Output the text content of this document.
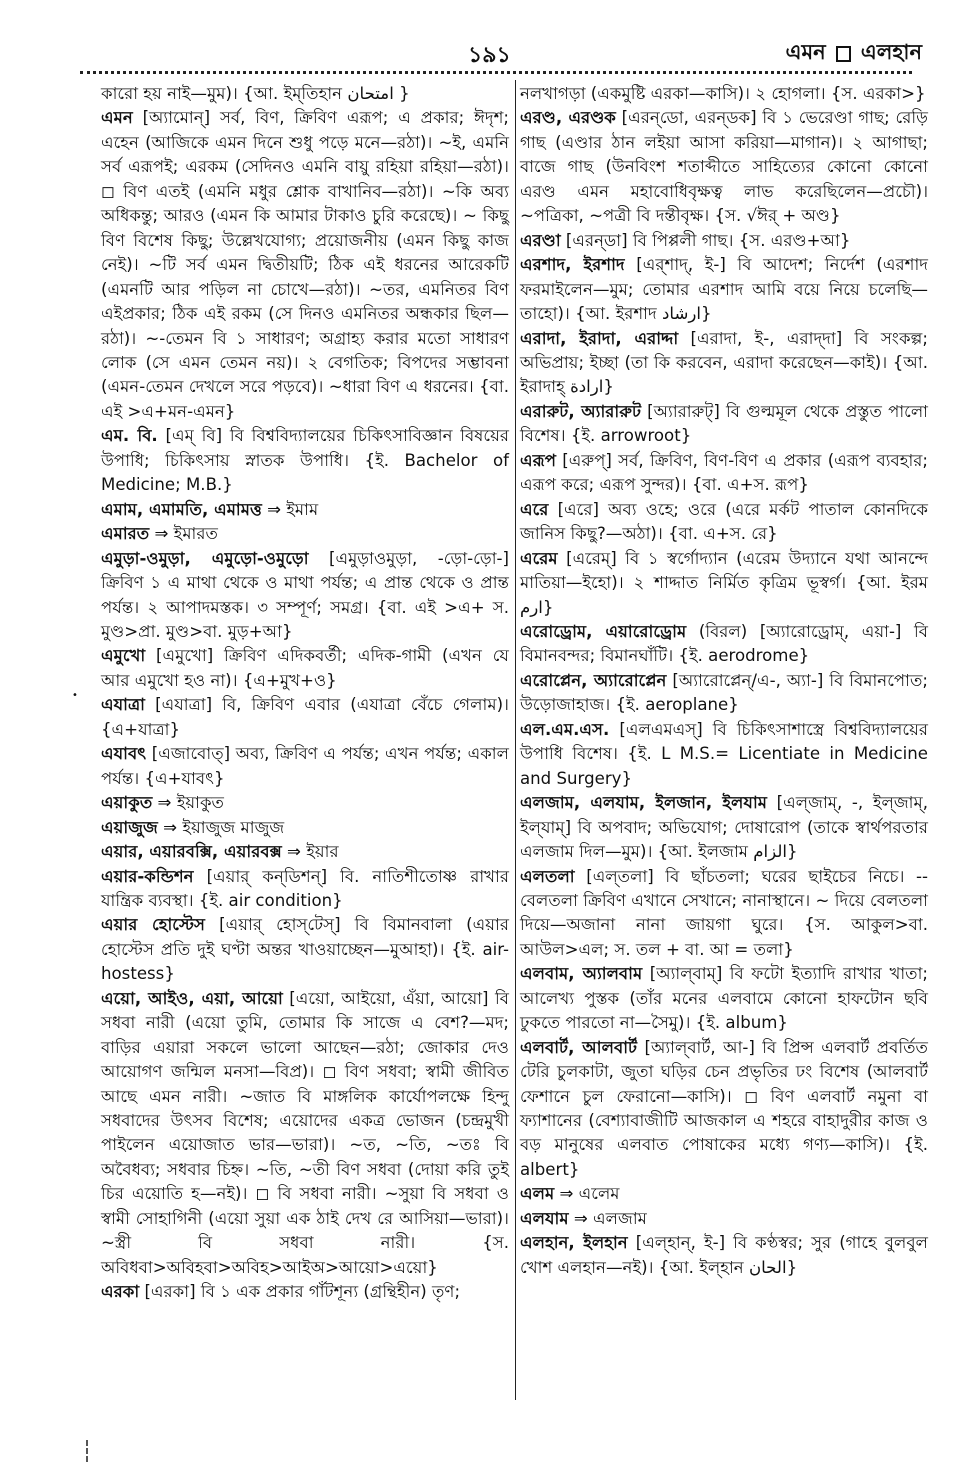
১৯১	এমন এলহান

কারো হয় নাই—মুম)। {আ. ইম্‌তিহান امتحان }

এমন [অ্যামোন্] সর্ব, বিণ, ক্রিবিণ এরূপ; এ প্রকার; ঈদৃশ; এহেন (আজিকে এমন দিনে শুধু পড়ে মনে—রঠা)। ~ই, এমনি সর্ব এরূপই; এরকম (সেদিনও এমনি বায়ু রহিয়া রহিয়া—রঠা)। ◻ বিণ এতই (এমনি মধুর শ্লোক বাখানিব—রঠা)। ~কি অব্য অধিকন্তু; আরও (এমন কি আমার টাকাও চুরি করেছে)। ~ কিছু বিণ বিশেষ কিছু; উল্লেখযোগ্য; প্রয়োজনীয় (এমন কিছু কাজ নেই)। ~টি সর্ব এমন দ্বিতীয়টি; ঠিক এই ধরনের আরেকটি (এমনটি আর পড়িল না চোখে—রঠা)। ~তর, এমনিতর বিণ এইপ্রকার; ঠিক এই রকম (সে দিনও এমনিতর অন্ধকার ছিল—রঠা)। ~-তেমন বি ১ সাধারণ; অগ্রাহ্য করার মতো সাধারণ লোক (সে এমন তেমন নয়)। ২ বেগতিক; বিপদের সম্ভাবনা (এমন-তেমন দেখলে সরে পড়বে)। ~ধারা বিণ এ ধরনের। {বা. এই >এ+মন-এমন}

এম. বি. [এম্ বি] বি বিশ্ববিদ্যালয়ের চিকিৎসাবিজ্ঞান বিষয়ের উপাধি; চিকিৎসায় স্নাতক উপাধি। {ই. Bachelor of Medicine; M.B.}

এমাম, এমামতি, এমামত্ত ⇒ ইমাম

এমারত ⇒ ইমারত

এমুড়া-ওমুড়া, এমুড়ো-ওমুড়ো [এমুড়াওমুড়া, -ড়ো-ড়ো-] ক্রিবিণ ১ এ মাথা থেকে ও মাথা পর্যন্ত; এ প্রান্ত থেকে ও প্রান্ত পর্যন্ত। ২ আপাদমস্তক। ৩ সম্পূর্ণ; সমগ্র। {বা. এই >এ+ স. মুণ্ড>প্রা. মুণ্ড>বা. মুড়+আ}

এমুখো [এমুখো] ক্রিবিণ এদিকবর্তী; এদিক-গামী (এখন যে আর এমুখো হও না)। {এ+মুখ+ও}

এযাত্রা [এযাত্রা] বি, ক্রিবিণ এবার (এযাত্রা বেঁচে গেলাম)। {এ+যাত্রা}

এযাবৎ [এজাবোত্] অব্য, ক্রিবিণ এ পর্যন্ত; এখন পর্যন্ত; একাল পর্যন্ত। {এ+যাবৎ}

এয়াকুত ⇒ ইয়াকুত

এয়াজুজ ⇒ ইয়াজুজ মাজুজ

এয়ার, এয়ারবক্সি, এয়ারবক্স ⇒ ইয়ার

এয়ার-কন্ডিশন [এয়ার্ কন্‌ডিশন্] বি. নাতিশীতোষ্ণ রাখার যান্ত্রিক ব্যবস্থা। {ই. air condition}

এয়ার হোস্টেস [এয়ার্ হোস্‌টেস্] বি বিমানবালা (এয়ার হোস্টেস প্রতি দুই ঘণ্টা অন্তর খাওয়াচ্ছেন—মুআহা)। {ই. air-hostess}

এয়ো, আইও, এয়া, আয়ো [এয়ো, আইয়ো, এঁয়া, আয়ো] বি সধবা নারী (এয়ো তুমি, তোমার কি সাজে এ বেশ?—মদ; বাড়ির এয়ারা সকলে ভালো আছেন—রঠা; জোকার দেও আয়োগণ জন্মিল মনসা—বিপ্র)। ◻ বিণ সধবা; স্বামী জীবিত আছে এমন নারী। ~জাত বি মাঙ্গলিক কার্যোপলক্ষে হিন্দু সধবাদের উৎসব বিশেষ; এয়োদের একত্র ভোজন (চন্দ্রমুখী পাইলেন এয়োজাত ভার—ভারা)। ~ত, ~তি, ~তঃ বি অবৈধব্য; সধবার চিহ্ন। ~তি, ~তী বিণ সধবা (দোয়া করি তুই চির এয়োতি হ—নই)। ◻ বি সধবা নারী। ~সুয়া বি সধবা ও স্বামী সোহাগিনী (এয়ো সুয়া এক ঠাই দেখ রে আসিয়া—ভারা)। ~স্ত্রী বি সধবা নারী। {স. অবিধবা>অবিহবা>অবিহ>আইঅ>আয়ো>এয়ো}

এরকা [এরকা] বি ১ এক প্রকার গাঁটশূন্য (গ্রন্থিহীন) তৃণ;

নলখাগড়া (একমুষ্টি এরকা—কাসি)। ২ হোগলা। {স. এরকা>}

এরণ্ড, এরণ্ডক [এরন্‌ডো, এরন্‌ডক] বি ১ ভেরেণ্ডা গাছ; রেড়ি গাছ (এণ্ডার ঠান লইয়া আসা করিয়া—মাগান)। ২ আগাছা; বাজে গাছ (উনবিংশ শতাব্দীতে সাহিত্যের কোনো কোনো এরণ্ড এমন মহাবোধিবৃক্ষত্ব লাভ করেছিলেন—প্রচৌ)। ~পত্রিকা, ~পত্রী বি দন্তীবৃক্ষ। {স. √ঈর্ + অণ্ড}

এরণ্ডা [এরন্‌ডা] বি পিপ্পলী গাছ। {স. এরণ্ড+আ}

এরশাদ, ইরশাদ [এর্‌শাদ্, ই-] বি আদেশ; নির্দেশ (এরশাদ ফরমাইলেন—মুম; তোমার এরশাদ আমি বয়ে নিয়ে চলেছি—তাহো)। {আ. ইরশাদ ارشاد}

এরাদা, ইরাদা, এরাদ্দা [এরাদা, ই-, এরাদ্‌দা] বি সংকল্প; অভিপ্রায়; ইচ্ছা (তা কি করবেন, এরাদা করেছেন—কাই)। {আ. ইরাদাহ্ ارادة}

এরারুট, অ্যারারুট [অ্যারারুট্] বি গুল্মমূল থেকে প্রস্তুত পালো বিশেষ। {ই. arrowroot}

এরূপ [এরুপ্] সর্ব, ক্রিবিণ, বিণ-বিণ এ প্রকার (এরূপ ব্যবহার; এরূপ করে; এরূপ সুন্দর)। {বা. এ+স. রূপ}

এরে [এরে] অব্য ওহে; ওরে (এরে মর্কট পাতাল কোনদিকে জানিস কিছু?—অঠা)। {বা. এ+স. রে}

এরেম [এরেম্] বি ১ স্বর্গোদ্যান (এরেম উদ্যানে যথা আনন্দে মাতিয়া—ইহো)। ২ শাদ্দাত নির্মিত কৃত্রিম ভূস্বর্গ। {আ. ইরম ارم}

এরোড্রোম, এয়ারোড্রোম (বিরল) [অ্যারোড্রোম্, এয়া-] বি বিমানবন্দর; বিমানঘাঁটি। {ই. aerodrome}

এরোপ্লেন, অ্যারোপ্লেন [অ্যারোপ্লেন্/এ-, অ্যা-] বি বিমানপোত; উড়োজাহাজ। {ই. aeroplane}

এল.এম.এস. [এলএমএস্] বি চিকিৎসাশাস্ত্রে বিশ্ববিদ্যালয়ের উপাধি বিশেষ। {ই. L M.S.= Licentiate in Medicine and Surgery}

এলজাম, এলযাম, ইলজান, ইলযাম [এল্‌জাম্, -, ইল্‌জাম্, ইল্‌যাম্] বি অপবাদ; অভিযোগ; দোষারোপ (তাকে স্বার্থপরতার এলজাম দিল—মুম)। {আ. ইলজাম الزام}

এলতলা [এল্‌তলা] বি ছাঁচতলা; ঘরের ছাইচের নিচে। --বেলতলা ক্রিবিণ এখানে সেখানে; নানাস্থানে। ~ দিয়ে বেলতলা দিয়ে—অজানা নানা জায়গা ঘুরে। {স. আকুল>বা. আউল>এল; স. তল + বা. আ = তলা}

এলবাম, অ্যালবাম [অ্যাল্‌বাম্] বি ফটো ইত্যাদি রাখার খাতা; আলেখ্য পুস্তক (তাঁর মনের এলবামে কোনো হাফটোন ছবি ঢুকতে পারতো না—সৈমু)। {ই. album}

এলবার্ট, আলবার্ট [অ্যাল্‌বার্ট, আ-] বি প্রিন্স এলবার্ট প্রবর্তিত টেরি চুলকাটা, জুতা ঘড়ির চেন প্রভৃতির ঢং বিশেষ (আলবার্ট ফেশানে চুল ফেরানো—কাসি)। ◻ বিণ এলবার্ট নমুনা বা ফ্যাশানের (বেশ্যাবাজীটি আজকাল এ শহরে বাহাদুরীর কাজ ও বড় মানুষের এলবাত পোষাকের মধ্যে গণ্য—কাসি)। {ই. albert}

এলম ⇒ এলেম

এলযাম ⇒ এলজাম

এলহান, ইলহান [এল্‌হান্, ই-] বি কণ্ঠস্বর; সুর (গাহে বুলবুল খোশ এলহান—নই)। {আ. ইল্‌হান الحان}

•
